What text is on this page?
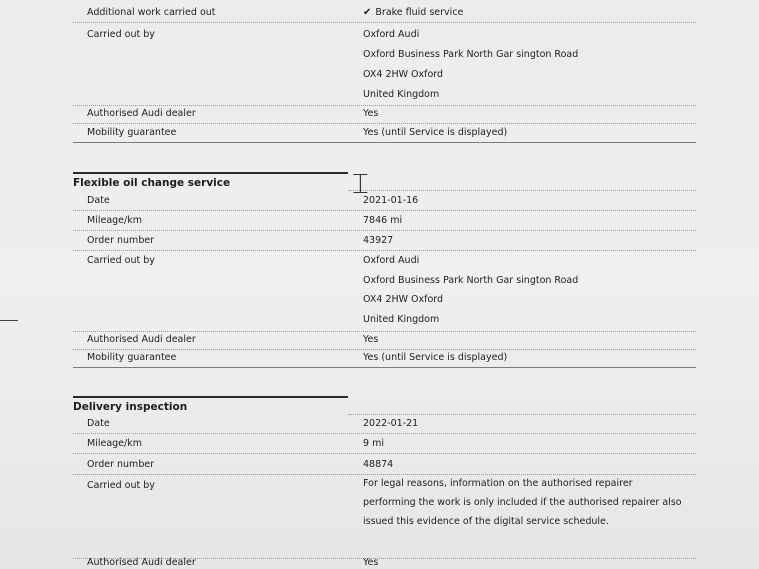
Additional work carried out	✔ Brake fluid service
Carried out by	Oxford Audi
Oxford Business Park North Gar sington Road
OX4 2HW Oxford
United Kingdom
Authorised Audi dealer	Yes
Mobility guarantee	Yes (until Service is displayed)
Flexible oil change service	⌶
Date	2021-01-16
Mileage/km	7846 mi
Order number	43927
Carried out by	Oxford Audi
Oxford Business Park North Gar sington Road
OX4 2HW Oxford
United Kingdom
Authorised Audi dealer	Yes
Mobility guarantee	Yes (until Service is displayed)
Delivery inspection
Date	2022-01-21
Mileage/km	9 mi
Order number	48874
Carried out by	For legal reasons, information on the authorised repairer
performing the work is only included if the authorised repairer also
issued this evidence of the digital service schedule.
Authorised Audi dealer	Yes
